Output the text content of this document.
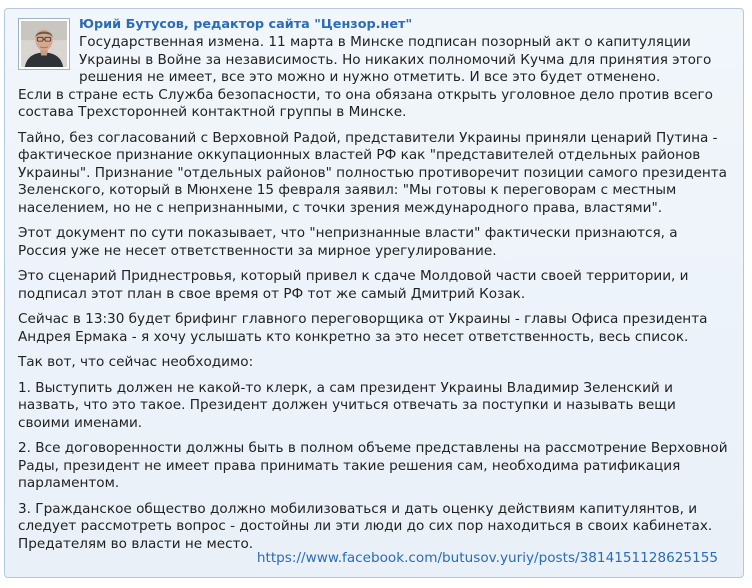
Юрий Бутусов, редактор сайта "Цензор.нет"

Государственная измена. 11 марта в Минске подписан позорный акт о капитуляции Украины в Войне за независимость. Но никаких полномочий Кучма для принятия этого решения не имеет, все это можно и нужно отметить. И все это будет отменено.

Если в стране есть Служба безопасности, то она обязана открыть уголовное дело против всего состава Трехсторонней контактной группы в Минске.

Тайно, без согласований с Верховной Радой, представители Украины приняли ценарий Путина - фактическое признание оккупационных властей РФ как "представителей отдельных районов Украины". Признание "отдельных районов" полностью противоречит позиции самого президента Зеленского, который в Мюнхене 15 февраля заявил: "Мы готовы к переговорам с местным населением, но не с непризнанными, с точки зрения международного права, властями".

Этот документ по сути показывает, что "непризнанные власти" фактически признаются, а Россия уже не несет ответственности за мирное урегулирование.

Это сценарий Приднестровья, который привел к сдаче Молдовой части своей территории, и подписал этот план в свое время от РФ тот же самый Дмитрий Козак.

Сейчас в 13:30 будет брифинг главного переговорщика от Украины - главы Офиса президента Андрея Ермака - я хочу услышать кто конкретно за это несет ответственность, весь список.

Так вот, что сейчас необходимо:

1. Выступить должен не какой-то клерк, а сам президент Украины Владимир Зеленский и назвать, что это такое. Президент должен учиться отвечать за поступки и называть вещи своими именами.

2. Все договоренности должны быть в полном объеме представлены на рассмотрение Верховной Рады, президент не имеет права принимать такие решения сам, необходима ратификация парламентом.

3. Гражданское общество должно мобилизоваться и дать оценку действиям капитулянтов, и следует рассмотреть вопрос - достойны ли эти люди до сих пор находиться в своих кабинетах. Предателям во власти не место.

https://www.facebook.com/butusov.yuriy/posts/3814151128625155
